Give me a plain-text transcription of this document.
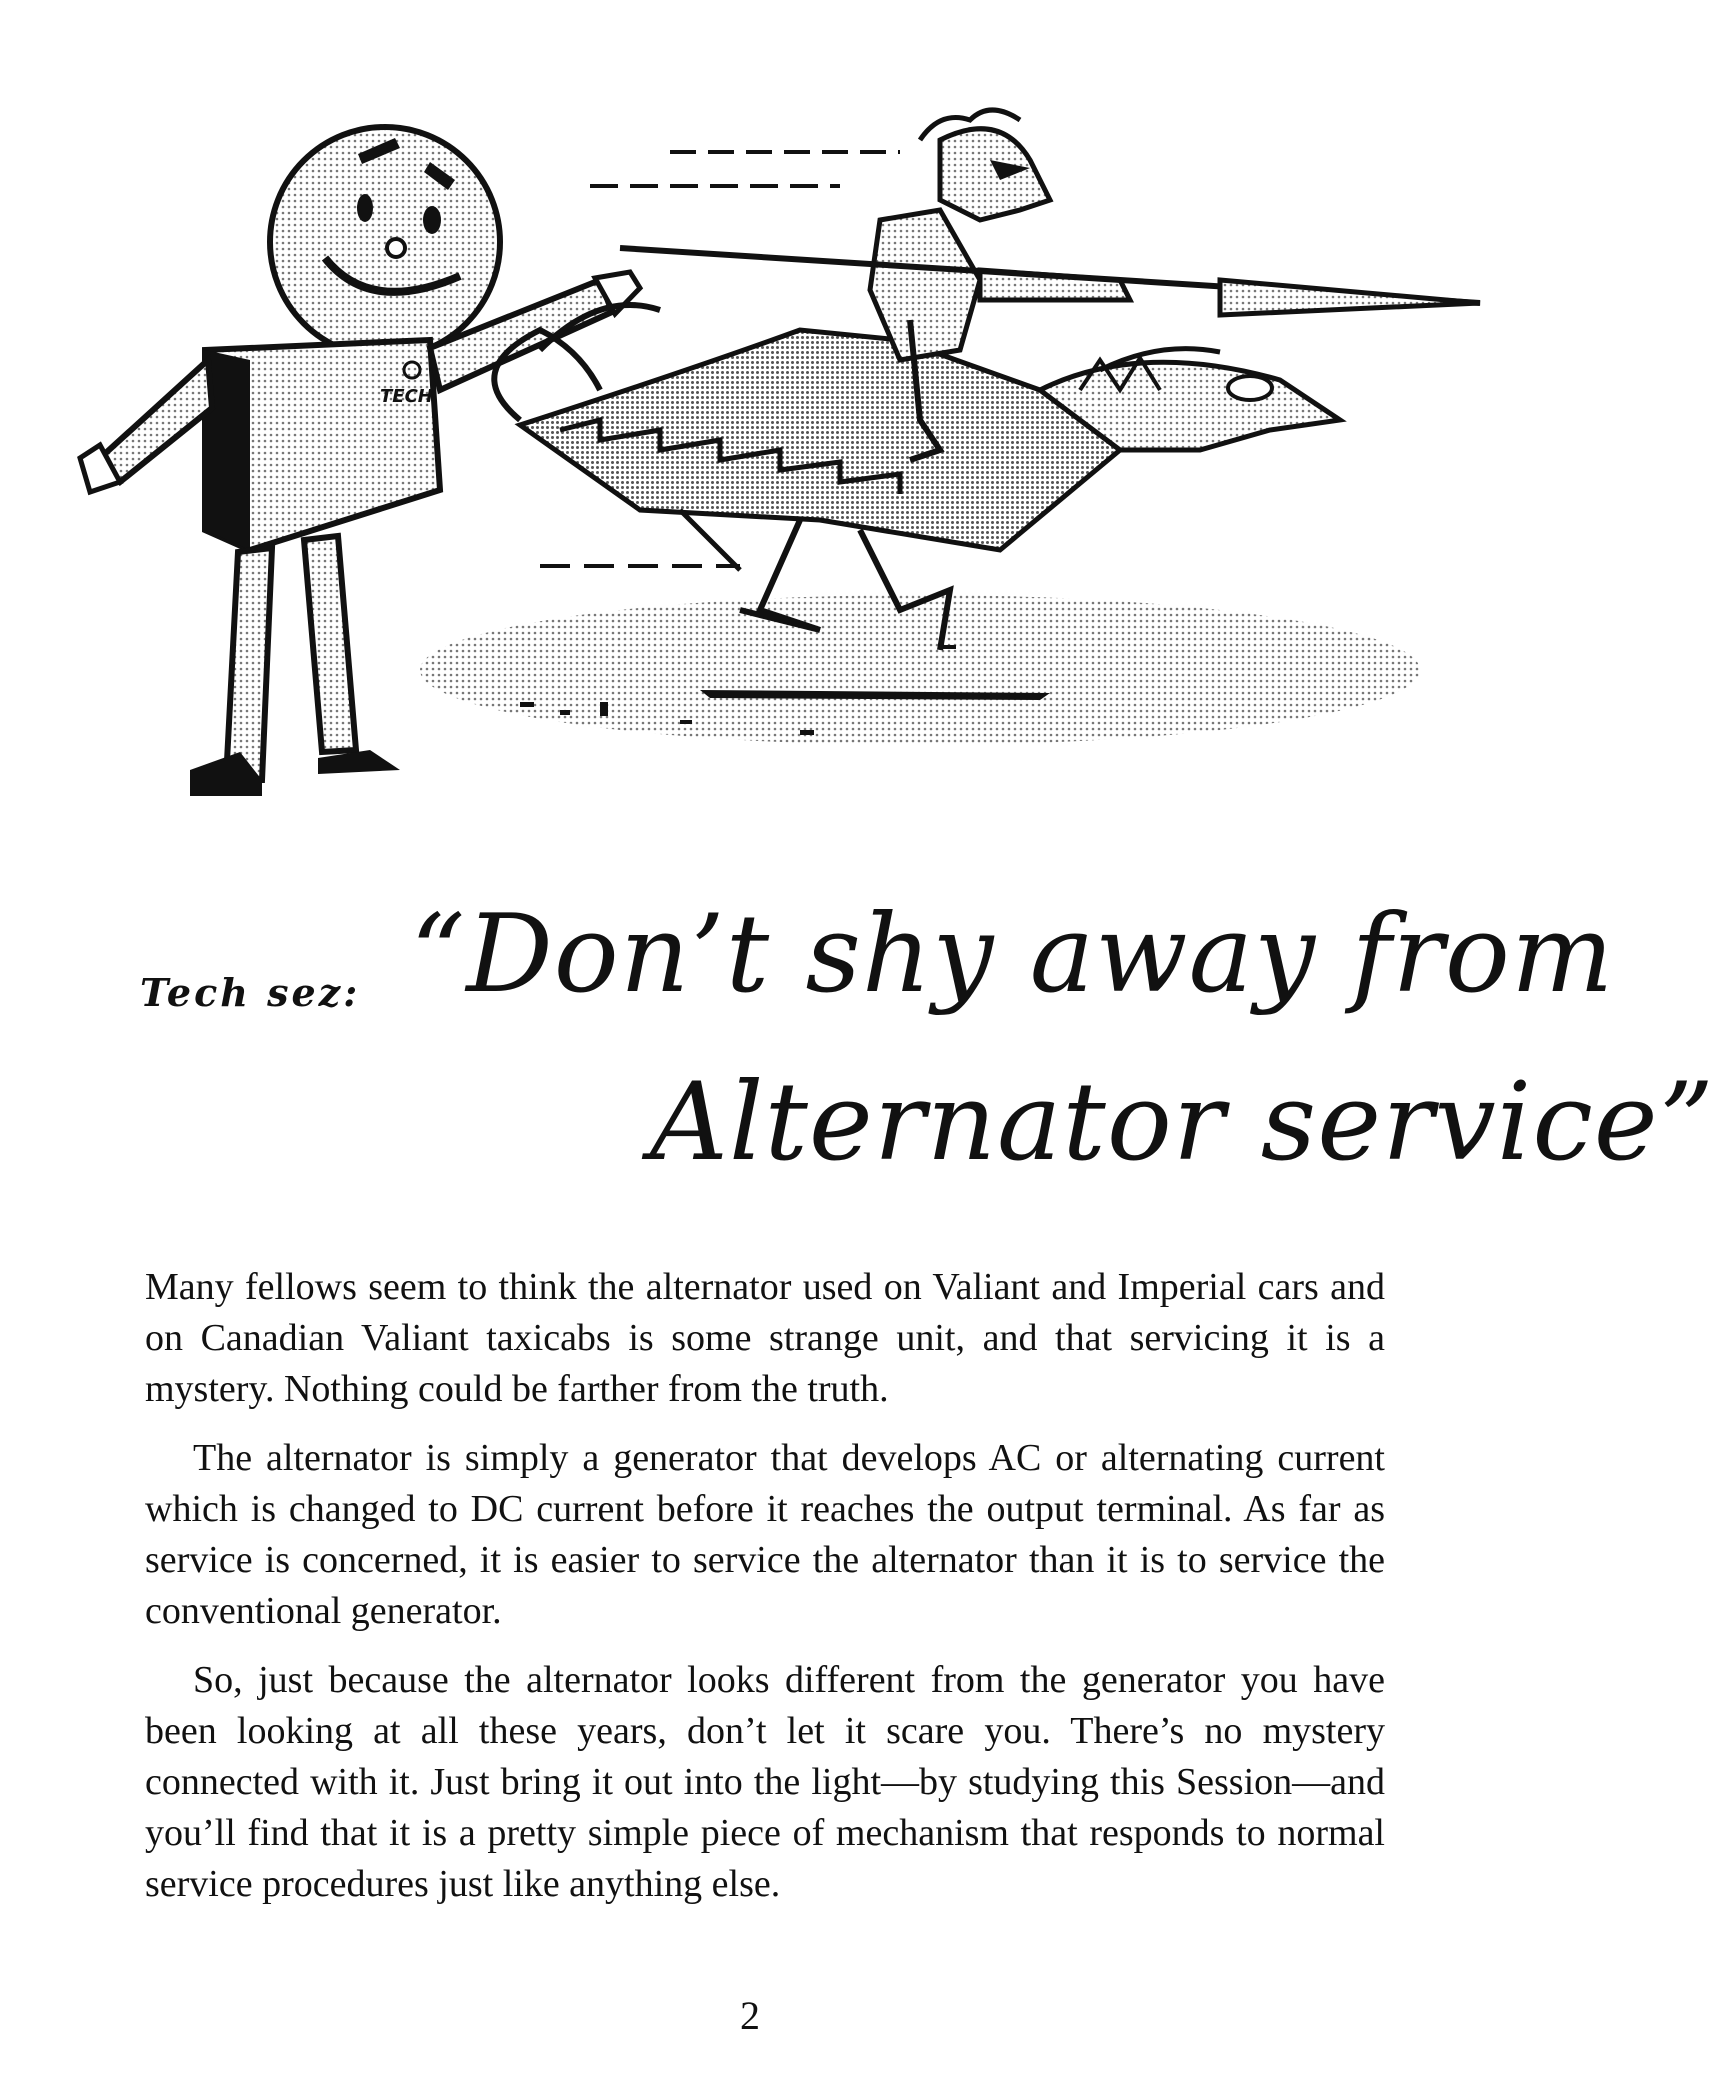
TECH
Tech sez: “Don’t shy away from
Alternator service”

Many fellows seem to think the alternator used on Valiant and Imperial cars and on Canadian Valiant taxicabs is some strange unit, and that servicing it is a mystery. Nothing could be farther from the truth.

The alternator is simply a generator that develops AC or alternating current which is changed to DC current before it reaches the output terminal. As far as service is concerned, it is easier to service the alternator than it is to service the conventional generator.

So, just because the alternator looks different from the generator you have been looking at all these years, don’t let it scare you. There’s no mystery connected with it. Just bring it out into the light—by studying this Session—and you’ll find that it is a pretty simple piece of mechanism that responds to normal service procedures just like anything else.

2
